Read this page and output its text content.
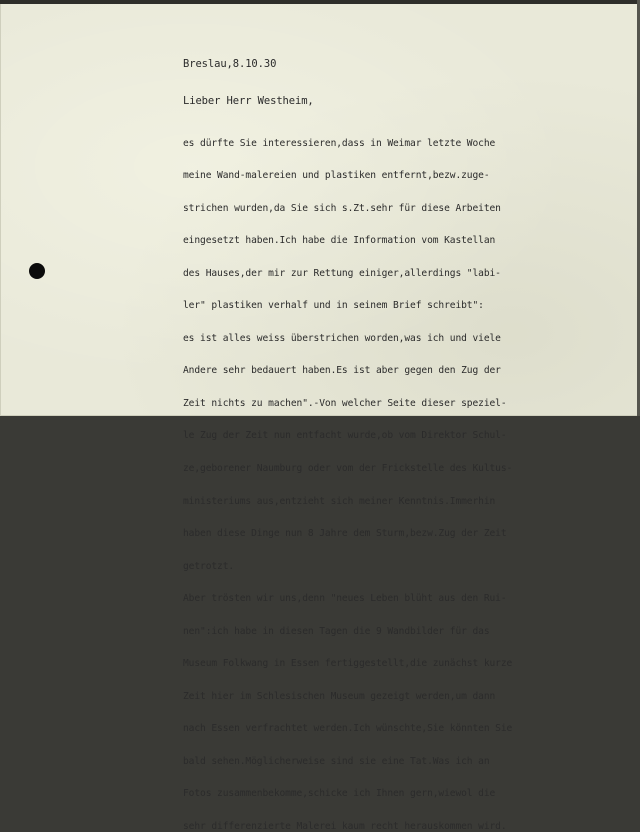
Breslau,8.10.30
Lieber Herr Westheim,

es dürfte Sie interessieren,dass in Weimar letzte Woche

meine Wand-malereien und plastiken entfernt,bezw.zuge-

strichen wurden,da Sie sich s.Zt.sehr für diese Arbeiten

eingesetzt haben.Ich habe die Information vom Kastellan

des Hauses,der mir zur Rettung einiger,allerdings "labi-

ler" plastiken verhalf und in seinem Brief schreibt":

es ist alles weiss überstrichen worden,was ich und viele

Andere sehr bedauert haben.Es ist aber gegen den Zug der

Zeit nichts zu machen".-Von welcher Seite dieser speziel-

le Zug der Zeit nun entfacht wurde,ob vom Direktor Schul-

ze,geborener Naumburg oder vom der Frickstelle des Kultus-

ministeriums aus,entzieht sich meiner Kenntnis.Immerhin

haben diese Dinge nun 8 Jahre dem Sturm,bezw.Zug der Zeit

getrotzt.

Aber trösten wir uns,denn "neues Leben blüht aus den Rui-

nen":ich habe in diesen Tagen die 9 Wandbilder für das

Museum Folkwang in Essen fertiggestellt,die zunächst kurze

Zeit hier im Schlesischen Museum gezeigt werden,um dann

nach Essen verfrachtet werden.Ich wünschte,Sie könnten Sie

bald sehen.Möglicherweise sind sie eine Tat.Was ich an

Fotos zusammenbekomme,schicke ich Ihnen gern,wiewol die

sehr differenzierte Malerei kaum recht herauskommen wird.
